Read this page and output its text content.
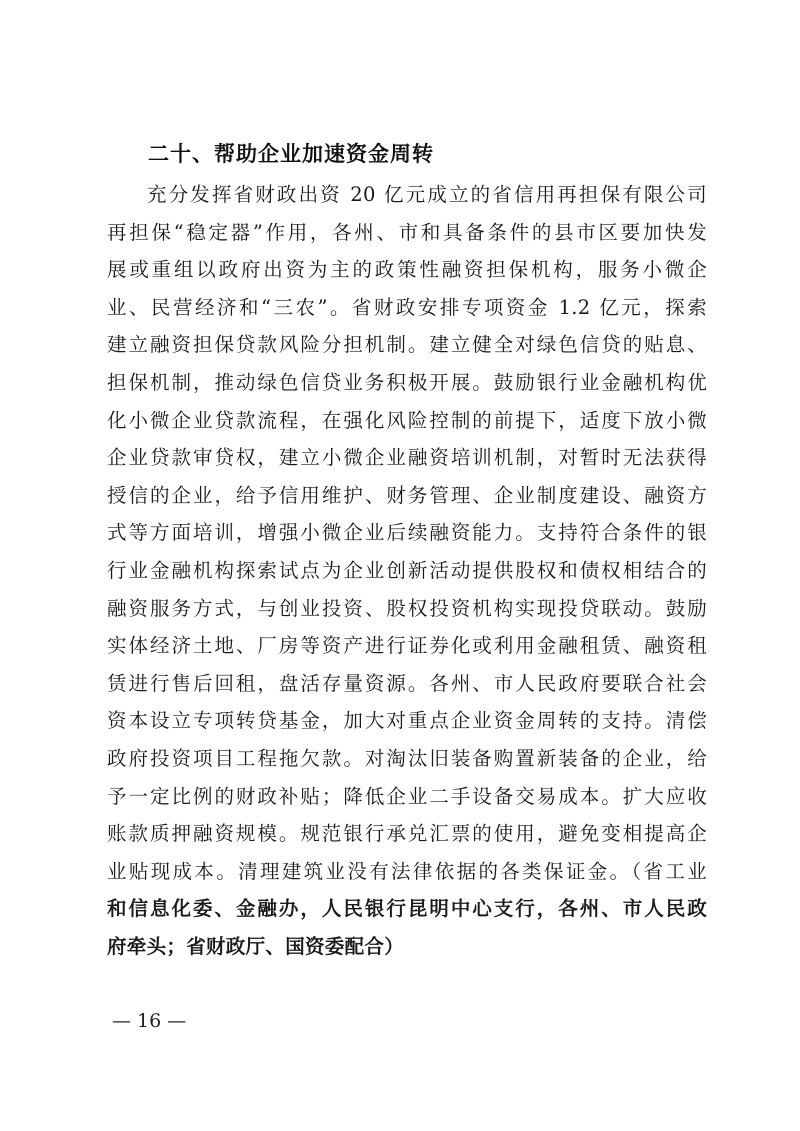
二十、帮助企业加速资金周转
充分发挥省财政出资 20 亿元成立的省信用再担保有限公司
再担保“稳定器”作用，各州、市和具备条件的县市区要加快发
展或重组以政府出资为主的政策性融资担保机构，服务小微企
业、民营经济和“三农”。省财政安排专项资金 1.2 亿元，探索
建立融资担保贷款风险分担机制。建立健全对绿色信贷的贴息、
担保机制，推动绿色信贷业务积极开展。鼓励银行业金融机构优
化小微企业贷款流程，在强化风险控制的前提下，适度下放小微
企业贷款审贷权，建立小微企业融资培训机制，对暂时无法获得
授信的企业，给予信用维护、财务管理、企业制度建设、融资方
式等方面培训，增强小微企业后续融资能力。支持符合条件的银
行业金融机构探索试点为企业创新活动提供股权和债权相结合的
融资服务方式，与创业投资、股权投资机构实现投贷联动。鼓励
实体经济土地、厂房等资产进行证券化或利用金融租赁、融资租
赁进行售后回租，盘活存量资源。各州、市人民政府要联合社会
资本设立专项转贷基金，加大对重点企业资金周转的支持。清偿
政府投资项目工程拖欠款。对淘汰旧装备购置新装备的企业，给
予一定比例的财政补贴；降低企业二手设备交易成本。扩大应收
账款质押融资规模。规范银行承兑汇票的使用，避免变相提高企
业贴现成本。清理建筑业没有法律依据的各类保证金。（省工业
和信息化委、金融办，人民银行昆明中心支行，各州、市人民政
府牵头；省财政厅、国资委配合）
— 16 —
